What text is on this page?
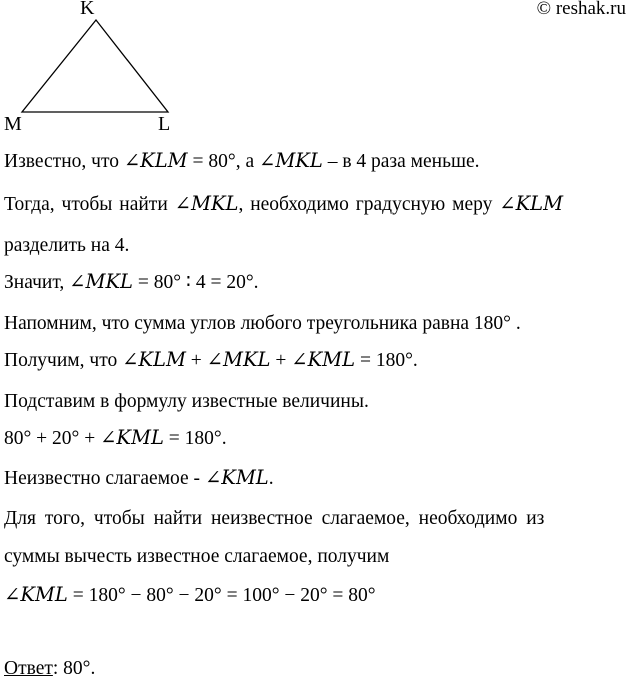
© reshak.ru
K
M	L
Известно, что ∠KLM = 80°, а ∠MKL – в 4 раза меньше.
Тогда, чтобы найти ∠MKL, необходимо градусную меру ∠KLM
разделить на 4.
Значит, ∠MKL = 80° ∶ 4 = 20°.
Напомним, что сумма углов любого треугольника равна 180° .
Получим, что ∠KLM + ∠MKL + ∠KML = 180°.
Подставим в формулу известные величины.
80° + 20° + ∠KML = 180°.
Неизвестно слагаемое - ∠KML.
Для того, чтобы найти неизвестное слагаемое, необходимо из
суммы вычесть известное слагаемое, получим
∠KML = 180° − 80° − 20° = 100° − 20° = 80°
Ответ: 80°.
